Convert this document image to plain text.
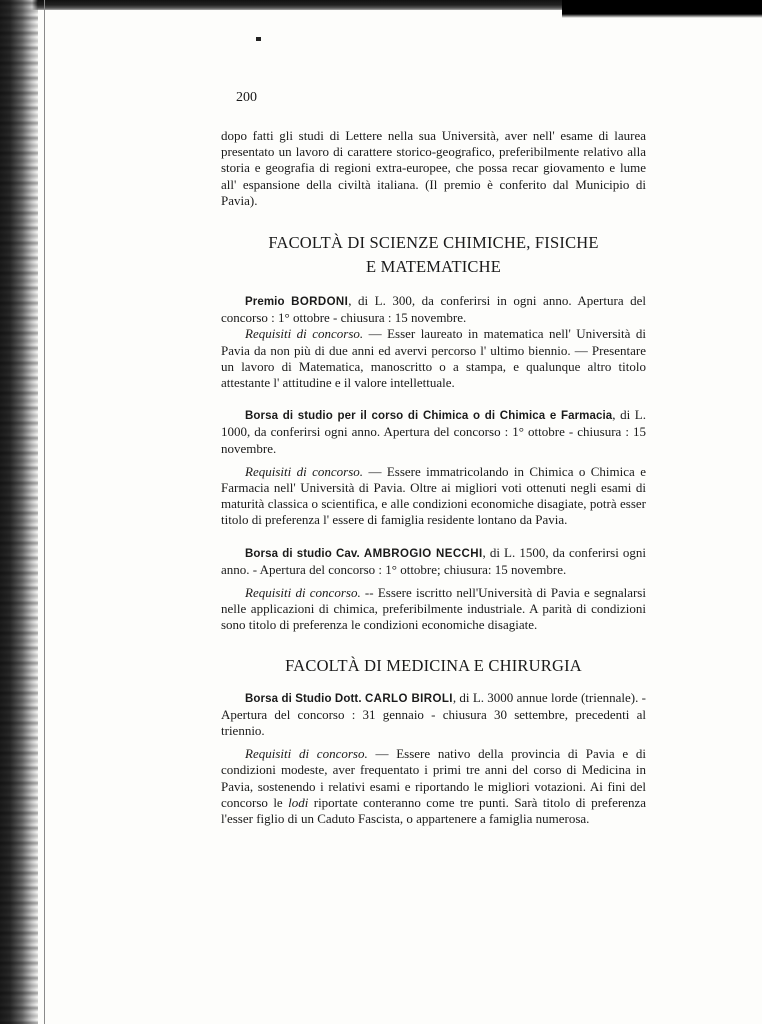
200

dopo fatti gli studi di Lettere nella sua Università, aver nell' esame di laurea presentato un lavoro di carattere storico-geografico, preferibilmente relativo alla storia e geografia di regioni extra-europee, che possa recar giovamento e lume all' espansione della civiltà italiana. (Il premio è conferito dal Municipio di Pavia).

FACOLTÀ DI SCIENZE CHIMICHE, FISICHE

E MATEMATICHE

Premio BORDONI, di L. 300, da conferirsi in ogni anno. Apertura del concorso : 1° ottobre - chiusura : 15 novembre.

Requisiti di concorso. — Esser laureato in matematica nell' Università di Pavia da non più di due anni ed avervi percorso l' ultimo biennio. — Presentare un lavoro di Matematica, manoscritto o a stampa, e qualunque altro titolo attestante l' attitudine e il valore intellettuale.

Borsa di studio per il corso di Chimica o di Chimica e Farmacia, di L. 1000, da conferirsi ogni anno. Apertura del concorso : 1° ottobre - chiusura : 15 novembre.

Requisiti di concorso. — Essere immatricolando in Chimica o Chimica e Farmacia nell' Università di Pavia. Oltre ai migliori voti ottenuti negli esami di maturità classica o scientifica, e alle condizioni economiche disagiate, potrà esser titolo di preferenza l' essere di famiglia residente lontano da Pavia.

Borsa di studio Cav. AMBROGIO NECCHI, di L. 1500, da conferirsi ogni anno. - Apertura del concorso : 1° ottobre; chiusura: 15 novembre.

Requisiti di concorso. -- Essere iscritto nell'Università di Pavia e segnalarsi nelle applicazioni di chimica, preferibilmente industriale. A parità di condizioni sono titolo di preferenza le condizioni economiche disagiate.

FACOLTÀ DI MEDICINA E CHIRURGIA

Borsa di Studio Dott. CARLO BIROLI, di L. 3000 annue lorde (triennale). - Apertura del concorso : 31 gennaio - chiusura 30 settembre, precedenti al triennio.

Requisiti di concorso. — Essere nativo della provincia di Pavia e di condizioni modeste, aver frequentato i primi tre anni del corso di Medicina in Pavia, sostenendo i relativi esami e riportando le migliori votazioni. Ai fini del concorso le lodi riportate conteranno come tre punti. Sarà titolo di preferenza l'esser figlio di un Caduto Fascista, o appartenere a famiglia numerosa.
